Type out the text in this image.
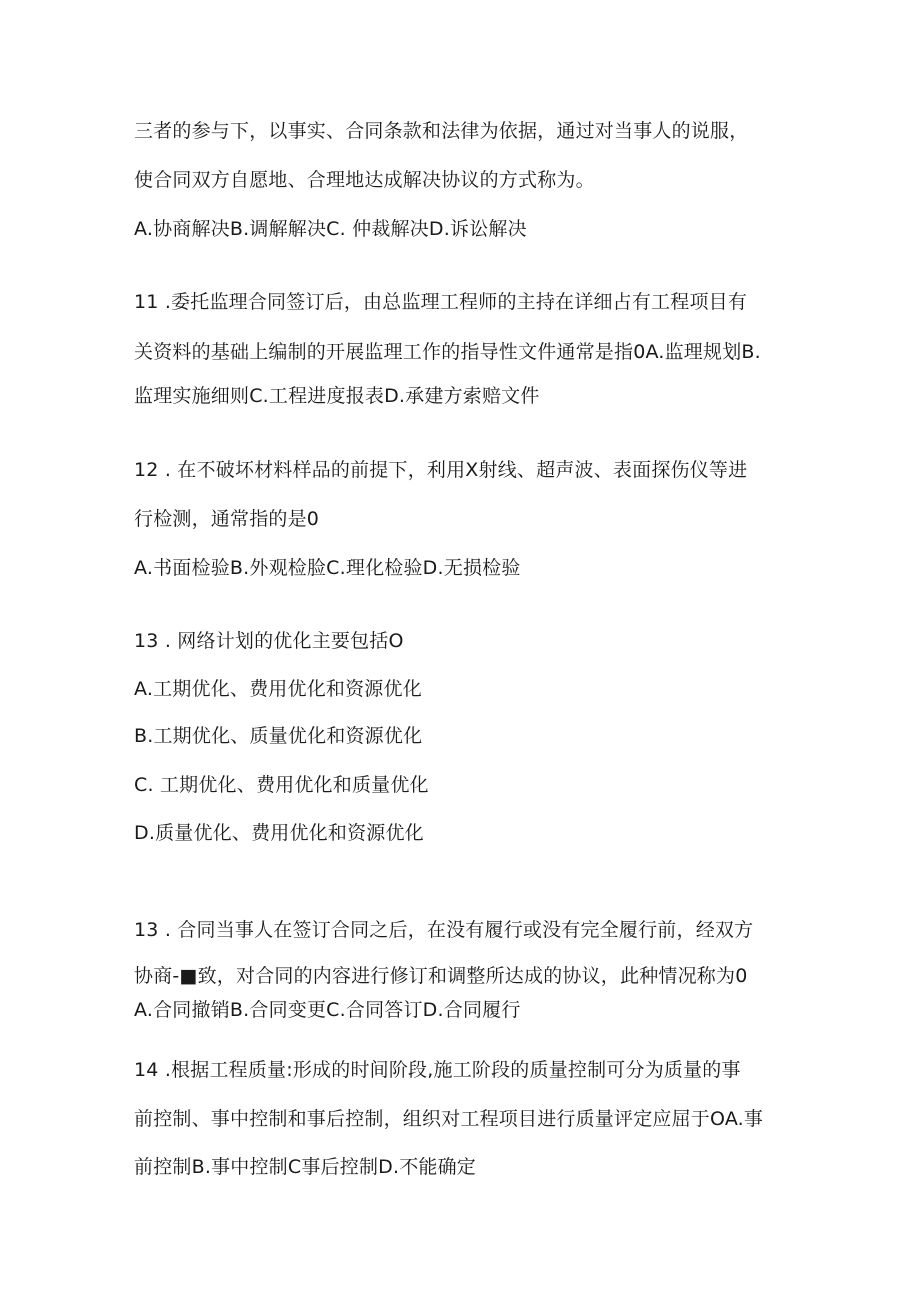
三者的参与下，以事实、合同条款和法律为依据，通过对当事人的说服，
使合同双方自愿地、合理地达成解决协议的方式称为。
A.协商解决B.调解解决C. 仲裁解决D.诉讼解决
11 .委托监理合同签订后，由总监理工程师的主持在详细占有工程项目有
关资料的基础上编制的开展监理工作的指导性文件通常是指0A.监理规划B.
监理实施细则C.工程进度报表D.承建方索赔文件
12 . 在不破坏材料样品的前提下，利用X射线、超声波、表面探伤仪等进
行检测，通常指的是0
A.书面检验B.外观检脸C.理化检验D.无损检验
13 . 网络计划的优化主要包括O
A.工期优化、费用优化和资源优化
B.工期优化、质量优化和资源优化
C. 工期优化、费用优化和质量优化
D.质量优化、费用优化和资源优化
13 . 合同当事人在签订合同之后，在没有履行或没有完全履行前，经双方
协商-■致，对合同的内容进行修订和调整所达成的协议，此种情况称为0
A.合同撤销B.合同变更C.合同答订D.合同履行
14 .根据工程质量:形成的时间阶段,施工阶段的质量控制可分为质量的事
前控制、事中控制和事后控制，组织对工程项目进行质量评定应屈于OA.事
前控制B.事中控制C事后控制D.不能确定
